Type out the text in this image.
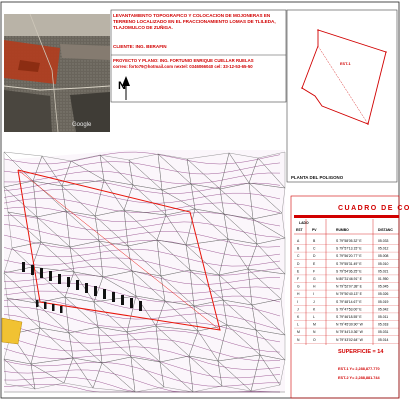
Google
LADO
EST	PV	RUMBO	DISTANC
A	B	S 79°58'05.32" E	05.033
B	C	S 79°57'13.15" E	05.012
C	D	S 79°56'20.77" E	05.008
D	E	S 79°55'31.49" E	05.010
E	F	S 79°54'36.25" E	05.021
F	G	N 80°31'46.91" E	01.950
G	H	N 79°52'07.38" E	05.045
H	I	N 79°50'40.13" E	05.026
I	J	S 79°48'14.67" E	05.019
J	K	S 79°47'53.00" E	05.042
K	L	S 79°46'18.55" E	05.011
L	M	N 79°45'30.90" W	05.018
M	N	N 79°44'10.36" W	05.031
N	O	N 79°43'02.64" W	05.014
LEVANTAMIENTO TOPOGRAFICO Y COLOCACION DE MOJONERAS EN
TERRENO LOCALIZADO EN EL FRACCIONAMIENTO LOMAS DE TLILEDA,
TLAJOMULCO DE ZUÑIGA.
CLIENTE: ING. BERAFIN
PROYECTO Y PLANO: ING. FORTUNIO ENRIQUE CUELLAR RUELAS
correo: forto79@hotmail.com nextel: 0346066040 cel: 33-12-53-65-50
N
PLANTA DEL POLIGONO
EST-1
CUADRO DE CO
SUPERFICIE = 14
EST-1 Y= 2,288,877.770
EST-2 Y= 2,288,881.744
